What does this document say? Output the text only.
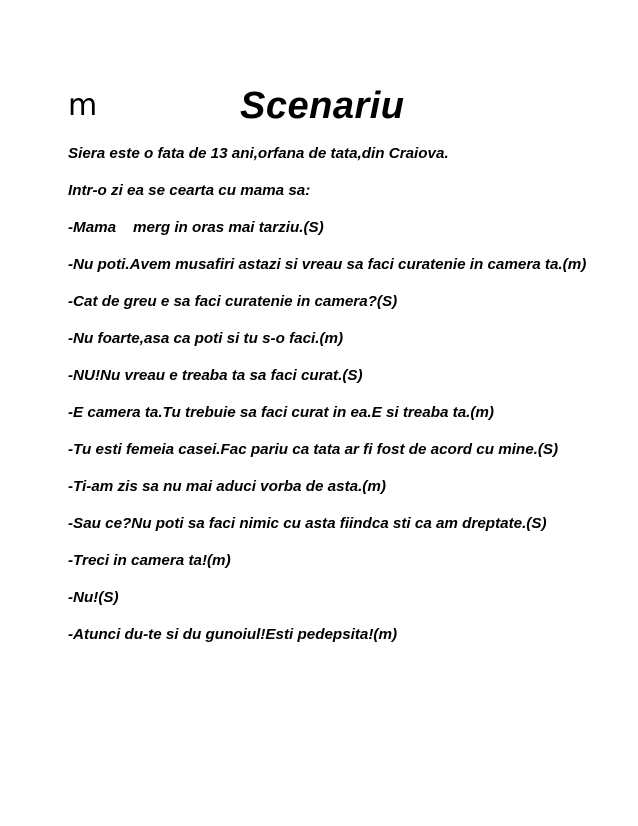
m	Scenariu

Siera este o fata de 13 ani,orfana de tata,din Craiova.

Intr-o zi ea se cearta cu mama sa:

-Mama    merg in oras mai tarziu.(S)

-Nu poti.Avem musafiri astazi si vreau sa faci curatenie in camera ta.(m)

-Cat de greu e sa faci curatenie in camera?(S)

-Nu foarte,asa ca poti si tu s-o faci.(m)

-NU!Nu vreau e treaba ta sa faci curat.(S)

-E camera ta.Tu trebuie sa faci curat in ea.E si treaba ta.(m)

-Tu esti femeia casei.Fac pariu ca tata ar fi fost de acord cu mine.(S)

-Ti-am zis sa nu mai aduci vorba de asta.(m)

-Sau ce?Nu poti sa faci nimic cu asta fiindca sti ca am dreptate.(S)

-Treci in camera ta!(m)

-Nu!(S)

-Atunci du-te si du gunoiul!Esti pedepsita!(m)
